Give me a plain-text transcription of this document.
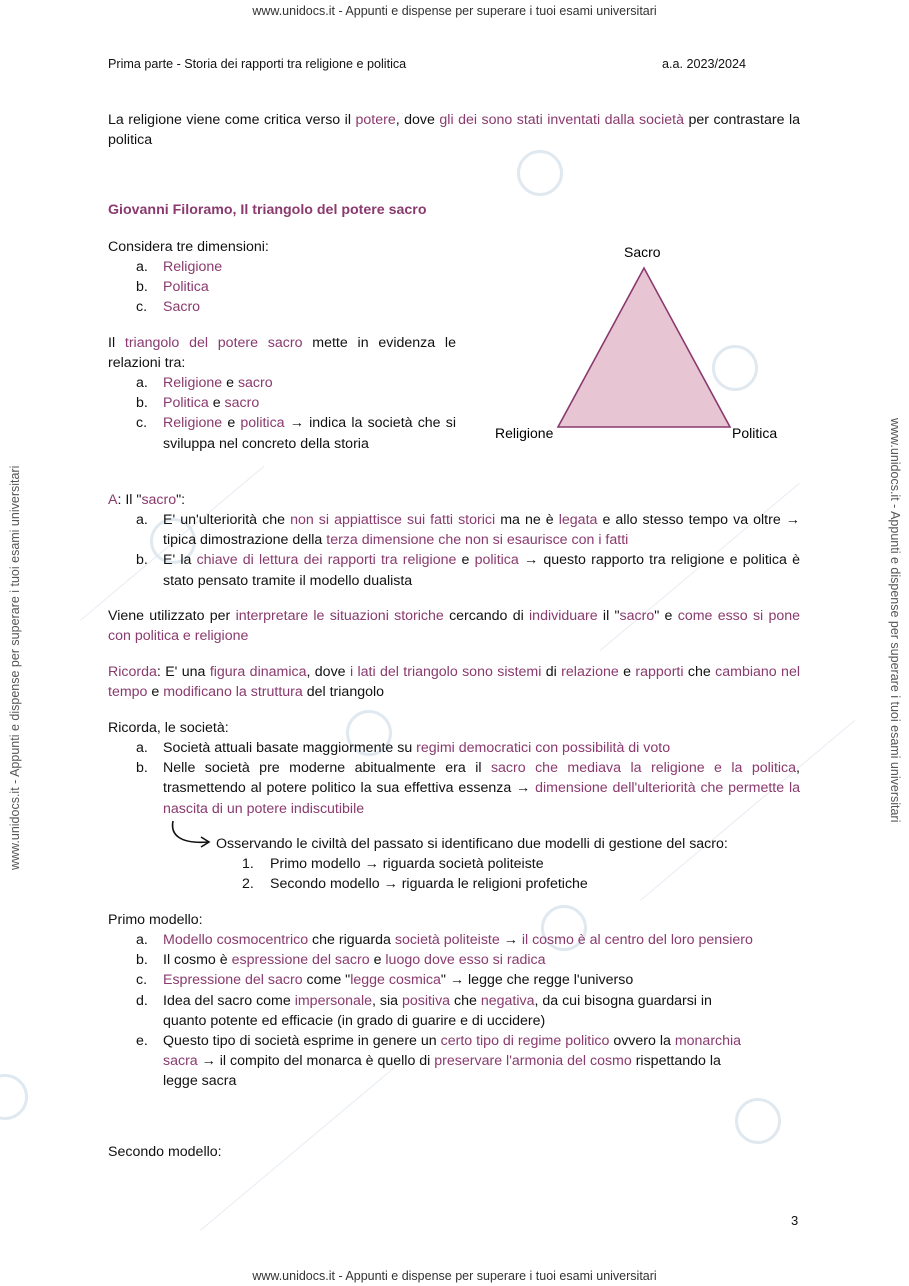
www.unidocs.it - Appunti e dispense per superare i tuoi esami universitari
www.unidocs.it - Appunti e dispense per superare i tuoi esami universitari
www.unidocs.it - Appunti e dispense per superare i tuoi esami universitari	www.unidocs.it - Appunti e dispense per superare i tuoi esami universitari
Prima parte - Storia dei rapporti tra religione e politica	a.a. 2023/2024
La religione viene come critica verso il potere, dove gli dei sono stati inventati dalla società per contrastare la politica
Giovanni Filoramo, Il triangolo del potere sacro
Considera tre dimensioni:
a.	Religione
b.	Politica
c.	Sacro
Il triangolo del potere sacro mette in evidenza le relazioni tra:
a.	Religione e sacro
b.	Politica e sacro
c.	Religione e politica → indica la società che si sviluppa nel concreto della storia
Sacro
Religione	Politica
A: Il "sacro":
a.	E' un'ulteriorità che non si appiattisce sui fatti storici ma ne è legata e allo stesso tempo va oltre → tipica dimostrazione della terza dimensione che non si esaurisce con i fatti
b.	E' la chiave di lettura dei rapporti tra religione e politica → questo rapporto tra religione e politica è stato pensato tramite il modello dualista
Viene utilizzato per interpretare le situazioni storiche cercando di individuare il "sacro" e come esso si pone con politica e religione
Ricorda: E' una figura dinamica, dove i lati del triangolo sono sistemi di relazione e rapporti che cambiano nel tempo e modificano la struttura del triangolo
Ricorda, le società:
a.	Società attuali basate maggiormente su regimi democratici con possibilità di voto
b.	Nelle società pre moderne abitualmente era il sacro che mediava la religione e la politica, trasmettendo al potere politico la sua effettiva essenza → dimensione dell'ulteriorità che permette la nascita di un potere indiscutibile
Osservando le civiltà del passato si identificano due modelli di gestione del sacro:
1.	Primo modello → riguarda società politeiste
2.	Secondo modello → riguarda le religioni profetiche
Primo modello:
a.	Modello cosmocentrico che riguarda società politeiste → il cosmo è al centro del loro pensiero
b.	Il cosmo è espressione del sacro e luogo dove esso si radica
c.	Espressione del sacro come "legge cosmica" → legge che regge l'universo
d.	Idea del sacro come impersonale, sia positiva che negativa, da cui bisogna guardarsi in quanto potente ed efficacie (in grado di guarire e di uccidere)
e.	Questo tipo di società esprime in genere un certo tipo di regime politico ovvero la monarchia sacra → il compito del monarca è quello di preservare l'armonia del cosmo rispettando la legge sacra
Secondo modello:
3
